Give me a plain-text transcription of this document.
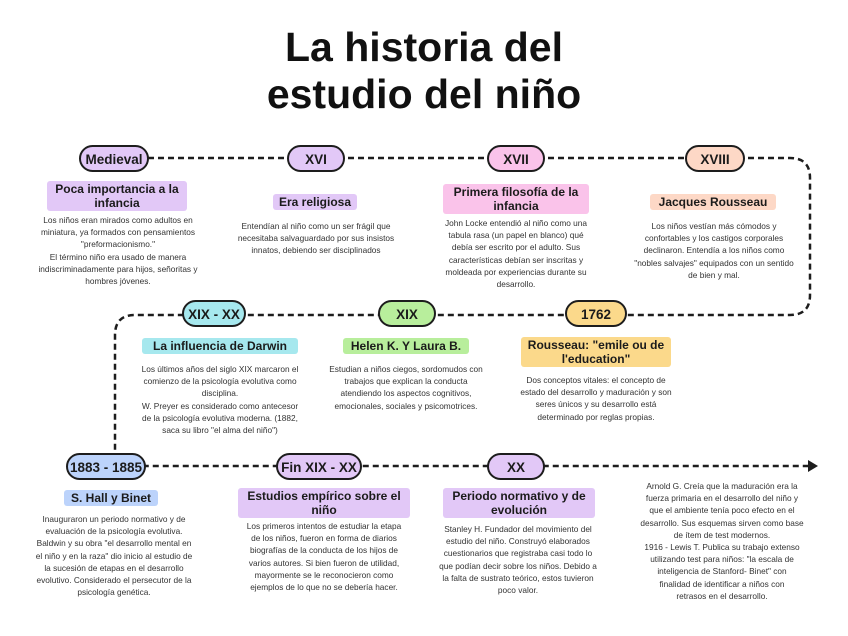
La historia del
estudio del niño
Medieval
Poca importancia a la infancia
Los niños eran mirados como adultos en
miniatura, ya formados con pensamientos
"preformacionismo."
El término niño era usado de manera
indiscriminadamente para hijos, señoritas y
hombres jóvenes.
XVI
Era religiosa
Entendían al niño como un ser frágil que
necesitaba salvaguardado por sus insistos
innatos, debiendo ser disciplinados
XVII
Primera filosofía de la infancia
John Locke entendió al niño como una
tabula rasa (un papel en blanco) qué
debía ser escrito por el adulto. Sus
características debían ser inscritas y
moldeada por experiencias durante su
desarrollo.
XVIII
Jacques Rousseau
Los niños vestían más cómodos y
confortables y los castigos corporales
declinaron. Entendía a los niños como
"nobles salvajes" equipados con un sentido
de bien y mal.
1762
Rousseau: "emile ou de l'education"
Dos conceptos vitales: el concepto de
estado del desarrollo y maduración y son
seres únicos y su desarrollo está
determinado por reglas propias.
XIX
Helen K. Y Laura B.
Estudian a niños ciegos, sordomudos con
trabajos que explican la conducta
atendiendo los aspectos cognitivos,
emocionales, sociales y psicomotrices.
XIX - XX
La influencia de Darwin
Los últimos años del siglo XIX marcaron el
comienzo de la psicología evolutiva como
disciplina.
W. Preyer es considerado como antecesor
de la psicología evolutiva moderna. (1882,
saca su libro "el alma del niño")
1883 - 1885
S. Hall y Binet
Inauguraron un periodo normativo y de
evaluación de la psicología evolutiva.
Baldwin y su obra "el desarrollo mental en
el niño y en la raza" dio inicio al estudio de
la sucesión de etapas en el desarrollo
evolutivo. Considerado el persecutor de la
psicología genética.
Fin XIX - XX
Estudios empírico sobre el niño
Los primeros intentos de estudiar la etapa
de los niños, fueron en forma de diarios
biografías de la conducta de los hijos de
varios autores. Si bien fueron de utilidad,
mayormente se le reconocieron como
ejemplos de lo que no se debería hacer.
XX
Periodo normativo y de evolución
Stanley H. Fundador del movimiento del
estudio del niño. Construyó elaborados
cuestionarios que registraba casi todo lo
que podían decir sobre los niños. Debido a
la falta de sustrato teórico, estos tuvieron
poco valor.
Arnold G. Creía que la maduración era la
fuerza primaria en el desarrollo del niño y
que el ambiente tenía poco efecto en el
desarrollo. Sus esquemas sirven como base
de ítem de test modernos.
1916 - Lewis T. Publica su trabajo extenso
utilizando test para niños: "la escala de
inteligencia de Stanford- Binet" con
finalidad de identificar a niños con
retrasos en el desarrollo.
